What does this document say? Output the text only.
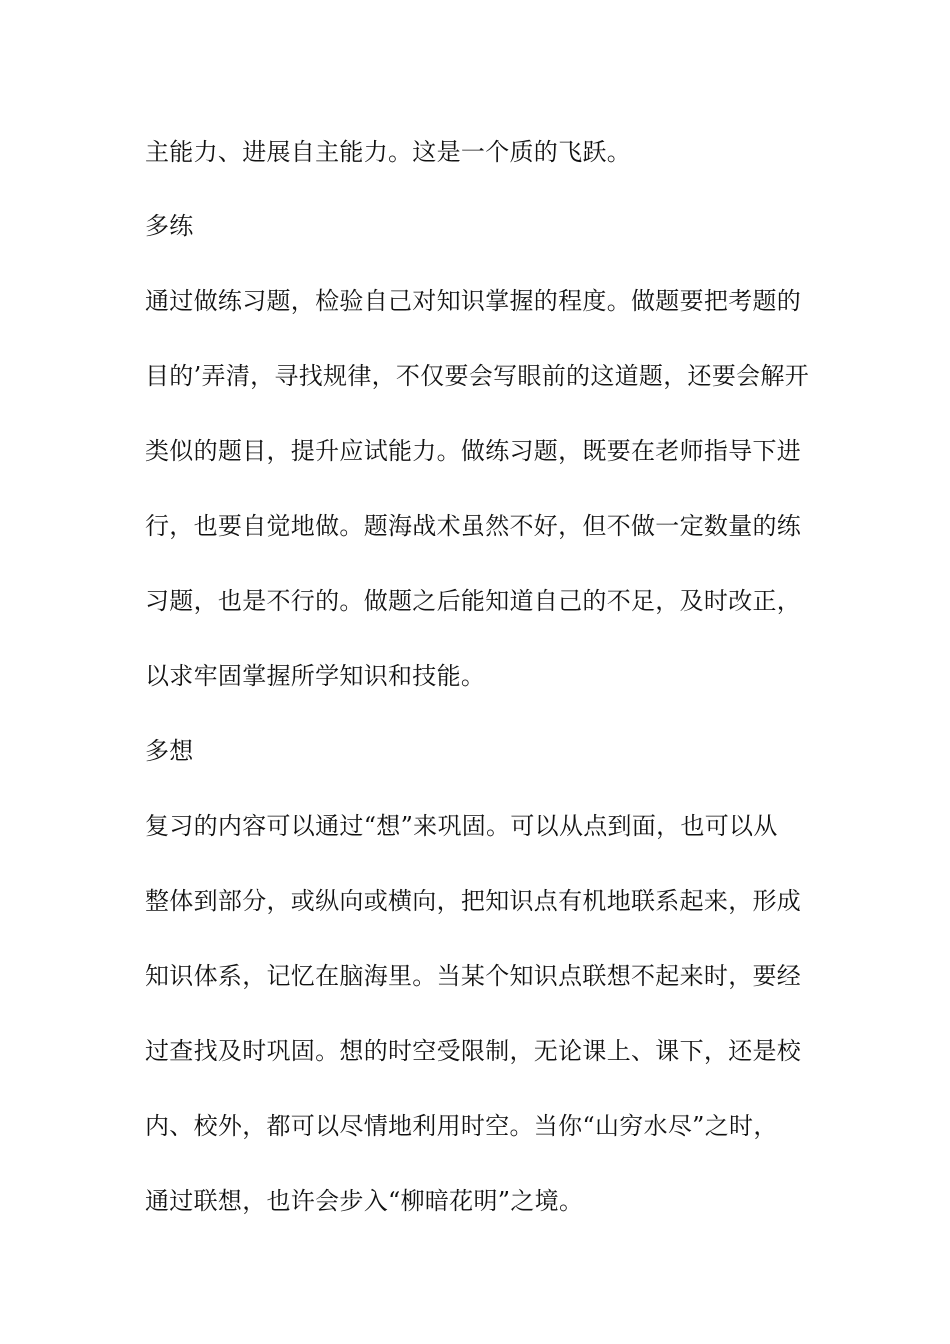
主能力、进展自主能力。这是一个质的飞跃。
多练
通过做练习题，检验自己对知识掌握的程度。做题要把考题的
目的’弄清，寻找规律，不仅要会写眼前的这道题，还要会解开
类似的题目，提升应试能力。做练习题，既要在老师指导下进
行，也要自觉地做。题海战术虽然不好，但不做一定数量的练
习题，也是不行的。做题之后能知道自己的不足，及时改正，
以求牢固掌握所学知识和技能。
多想
复习的内容可以通过“想”来巩固。可以从点到面，也可以从
整体到部分，或纵向或横向，把知识点有机地联系起来，形成
知识体系，记忆在脑海里。当某个知识点联想不起来时，要经
过查找及时巩固。想的时空受限制，无论课上、课下，还是校
内、校外，都可以尽情地利用时空。当你“山穷水尽”之时，
通过联想，也许会步入“柳暗花明”之境。
